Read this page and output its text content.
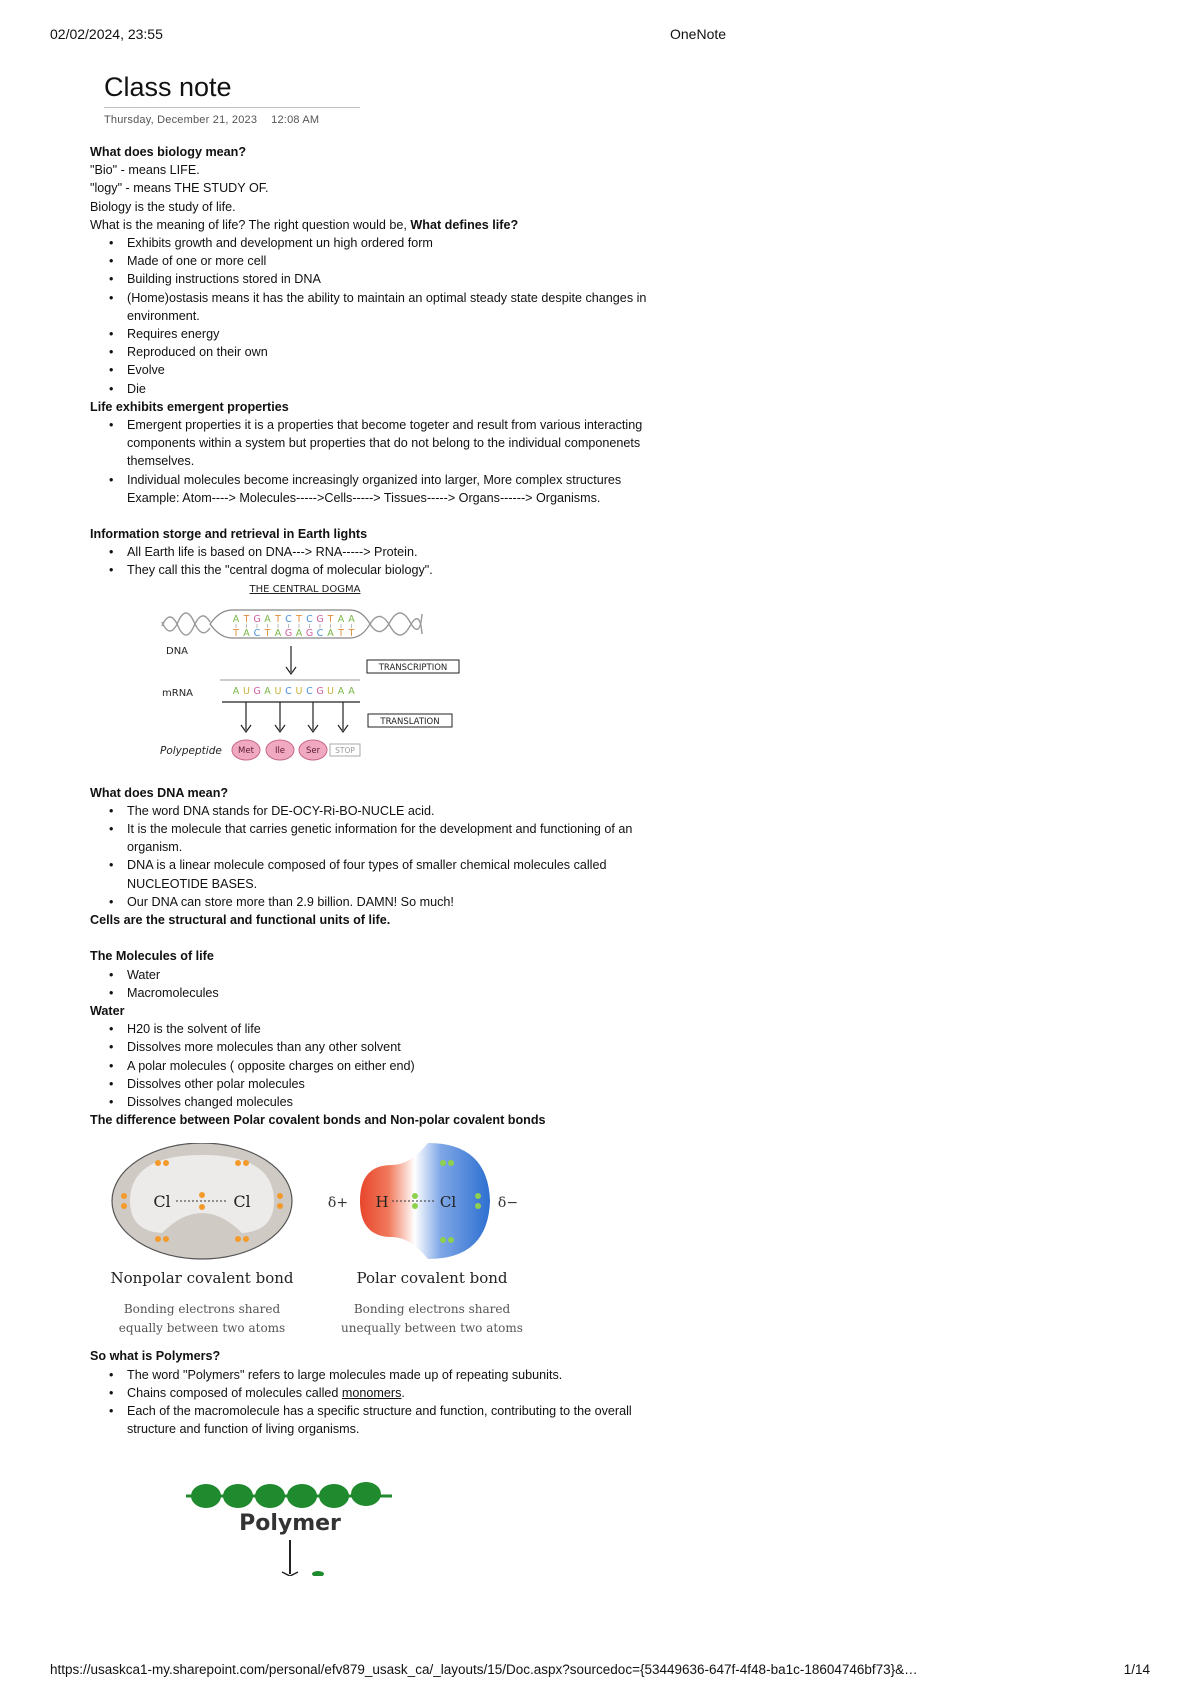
02/02/2024, 23:55	OneNote
Class note
Thursday, December 21, 2023 12:08 AM

What does biology mean?

"Bio" - means LIFE.

"logy" - means THE STUDY OF.

Biology is the study of life.

What is the meaning of life? The right question would be, What defines life?

• Exhibits growth and development un high ordered form
• Made of one or more cell
• Building instructions stored in DNA
• (Home)ostasis means it has the ability to maintain an optimal steady state despite changes in environment.
• Requires energy
• Reproduced on their own
• Evolve
• Die

Life exhibits emergent properties

• Emergent properties it is a properties that become togeter and result from various interacting components within a system but properties that do not belong to the individual componenets themselves.
• Individual molecules become increasingly organized into larger, More complex structures

Example: Atom----> Molecules----->Cells-----> Tissues-----> Organs------> Organisms.

Information storge and retrieval in Earth lights

• All Earth life is based on DNA---> RNA-----> Protein.
• They call this the "central dogma of molecular biology".
THE CENTRAL DOGMA
A T G A T C T C G T A A
T A C T A G A G C A T T
DNA
TRANSCRIPTION
mRNA	A U G A U C U C G U A A
TRANSLATION
Polypeptide Met Ile Ser STOP

What does DNA mean?

• The word DNA stands for DE-OCY-Ri-BO-NUCLE acid.
• It is the molecule that carries genetic information for the development and functioning of an organism.
• DNA is a linear molecule composed of four types of smaller chemical molecules called NUCLEOTIDE BASES.
• Our DNA can store more than 2.9 billion. DAMN! So much!

Cells are the structural and functional units of life.

The Molecules of life

• Water
• Macromolecules

Water

• H20 is the solvent of life
• Dissolves more molecules than any other solvent
• A polar molecules ( opposite charges on either end)
• Dissolves other polar molecules
• Dissolves changed molecules

The difference between Polar covalent bonds and Non-polar covalent bonds

Cl	Cl
Nonpolar covalent bond
Bonding electrons shared
equally between two atoms
δ+ H	Cl	δ−
Polar covalent bond
Bonding electrons shared
unequally between two atoms

So what is Polymers?

• The word "Polymers" refers to large molecules made up of repeating subunits.
• Chains composed of molecules called monomers.
• Each of the macromolecule has a specific structure and function, contributing to the overall structure and function of living organisms.
Polymer
https://usaskca1-my.sharepoint.com/personal/efv879_usask_ca/_layouts/15/Doc.aspx?sourcedoc={53449636-647f-4f48-ba1c-18604746bf73}&…	1/14
